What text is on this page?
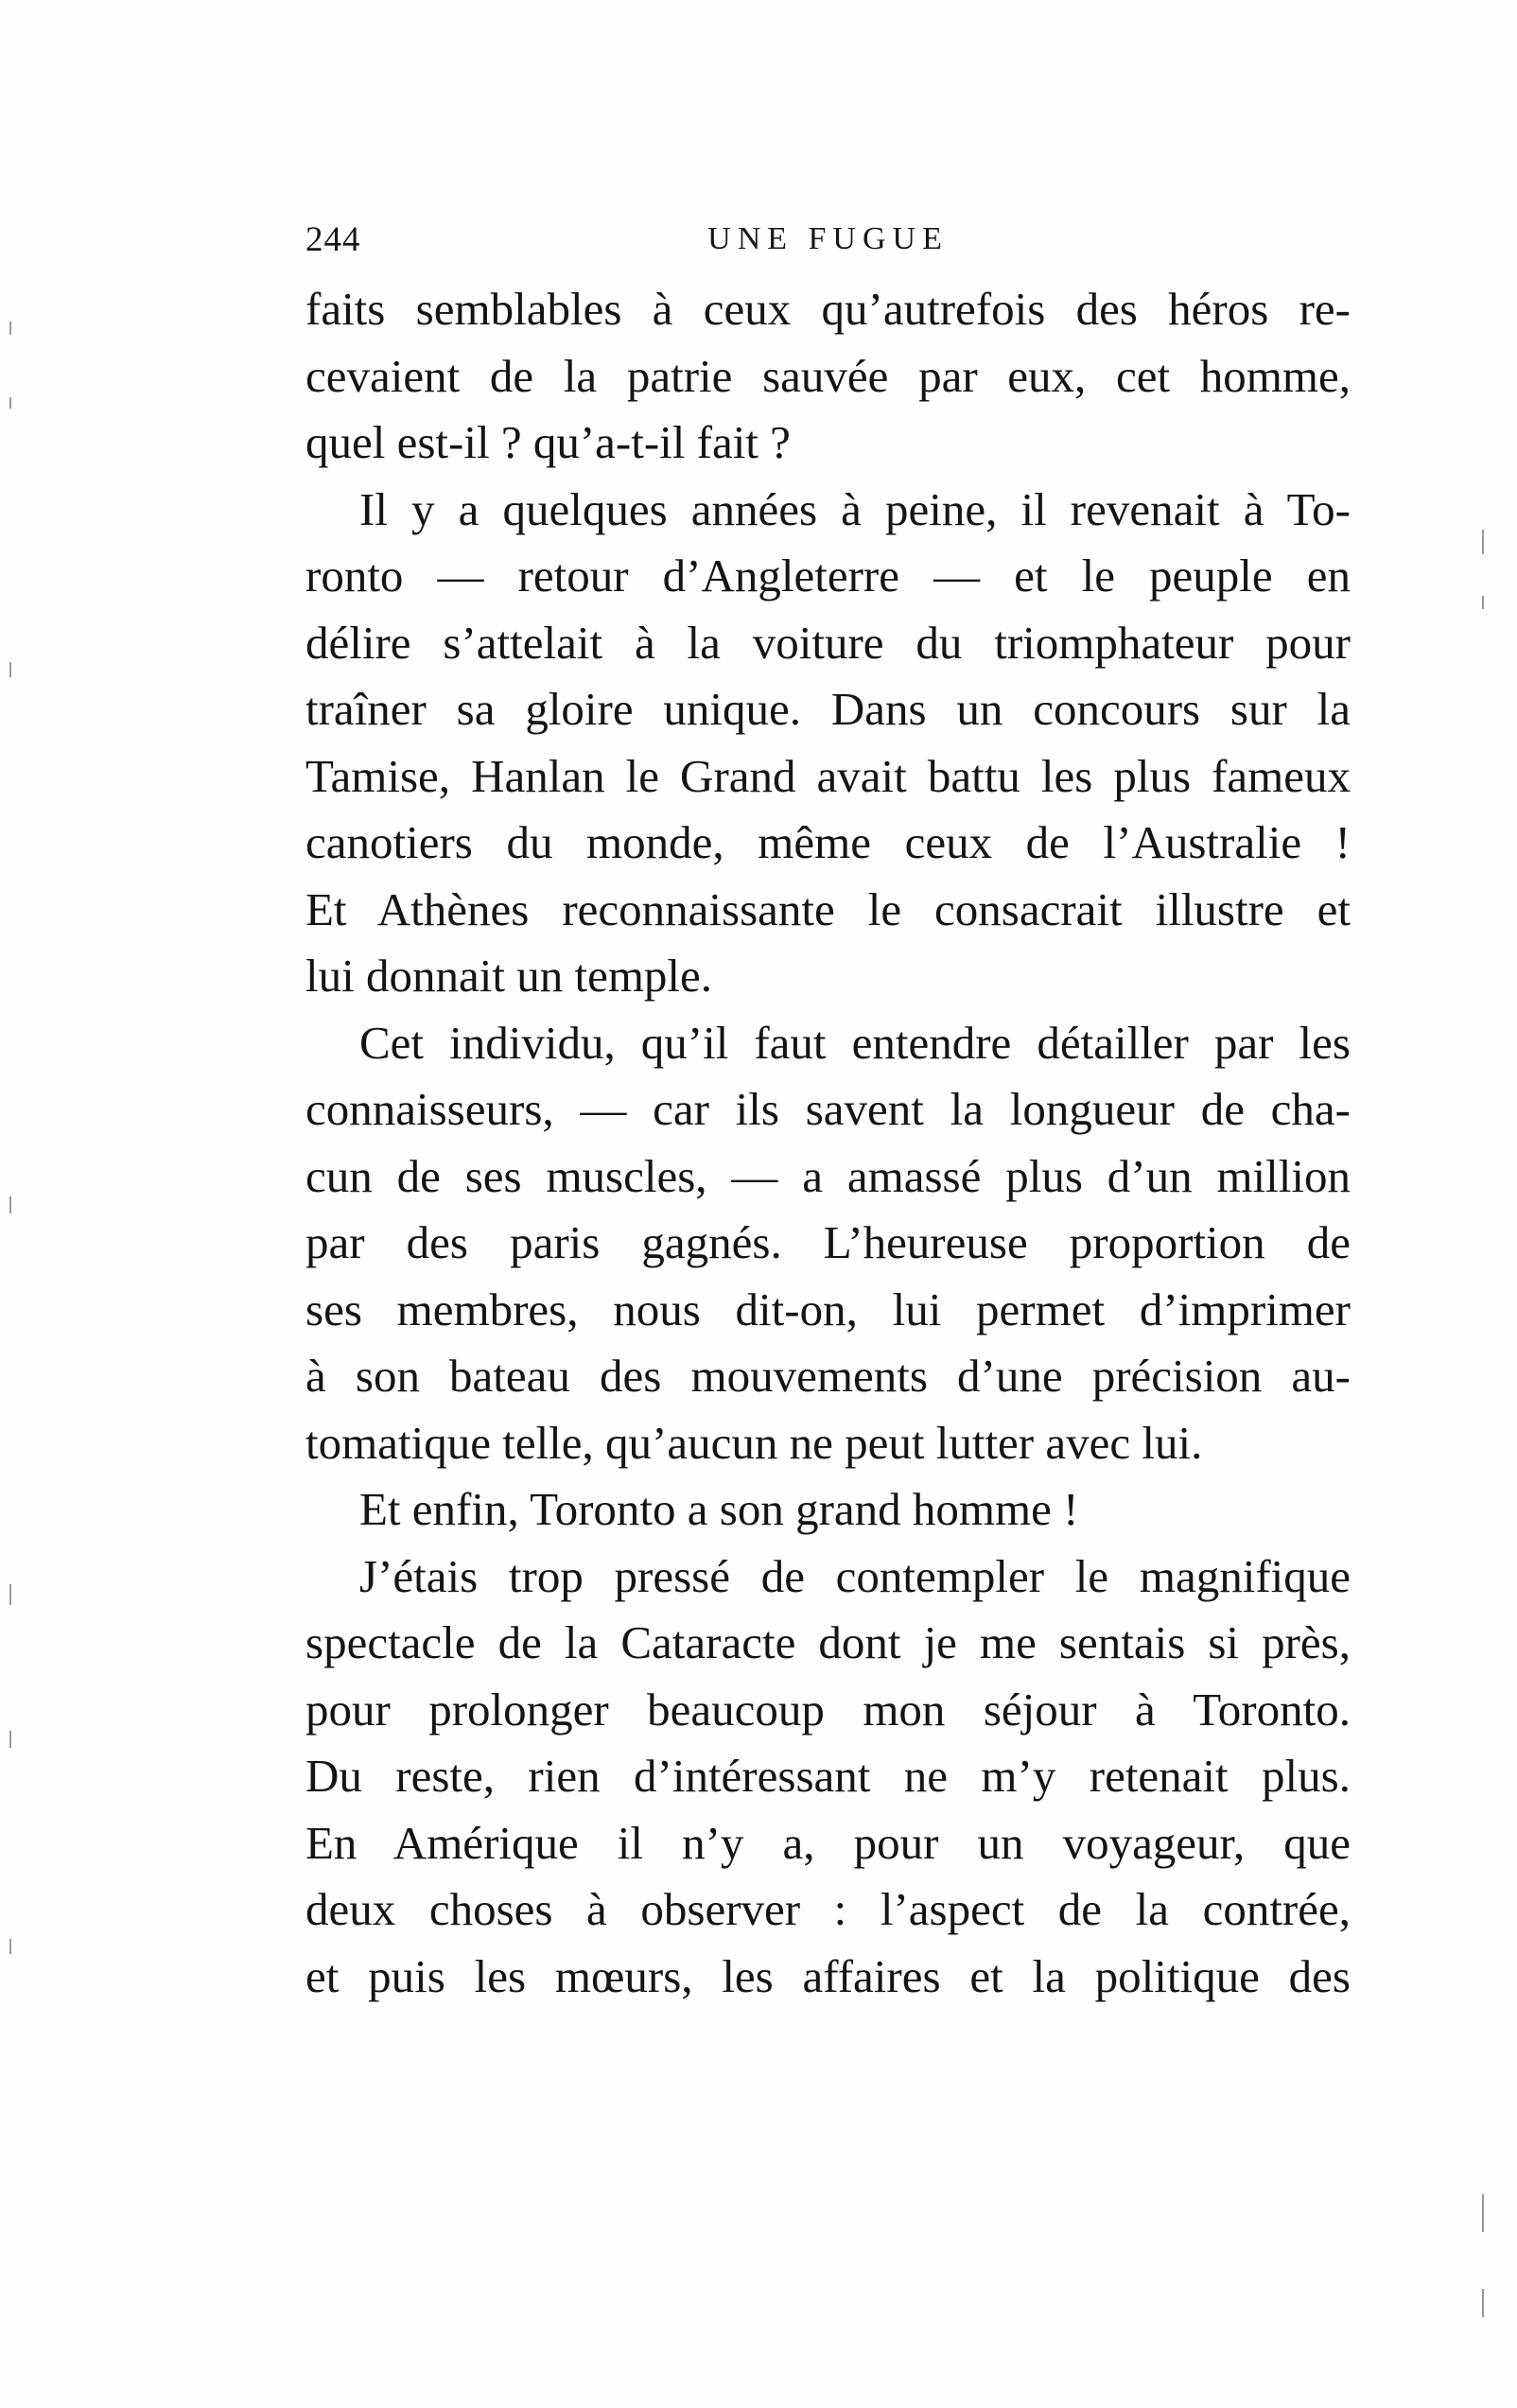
244	UNE FUGUE
faits semblables à ceux qu’autrefois des héros re-
cevaient de la patrie sauvée par eux, cet homme,
quel est-il ? qu’a-t-il fait ?
Il y a quelques années à peine, il revenait à To-
ronto — retour d’Angleterre — et le peuple en
délire s’attelait à la voiture du triomphateur pour
traîner sa gloire unique. Dans un concours sur la
Tamise, Hanlan le Grand avait battu les plus fameux
canotiers du monde, même ceux de l’Australie !
Et Athènes reconnaissante le consacrait illustre et
lui donnait un temple.
Cet individu, qu’il faut entendre détailler par les
connaisseurs, — car ils savent la longueur de cha-
cun de ses muscles, — a amassé plus d’un million
par des paris gagnés. L’heureuse proportion de
ses membres, nous dit-on, lui permet d’imprimer
à son bateau des mouvements d’une précision au-
tomatique telle, qu’aucun ne peut lutter avec lui.
Et enfin, Toronto a son grand homme !
J’étais trop pressé de contempler le magnifique
spectacle de la Cataracte dont je me sentais si près,
pour prolonger beaucoup mon séjour à Toronto.
Du reste, rien d’intéressant ne m’y retenait plus.
En Amérique il n’y a, pour un voyageur, que
deux choses à observer : l’aspect de la contrée,
et puis les mœurs, les affaires et la politique des
